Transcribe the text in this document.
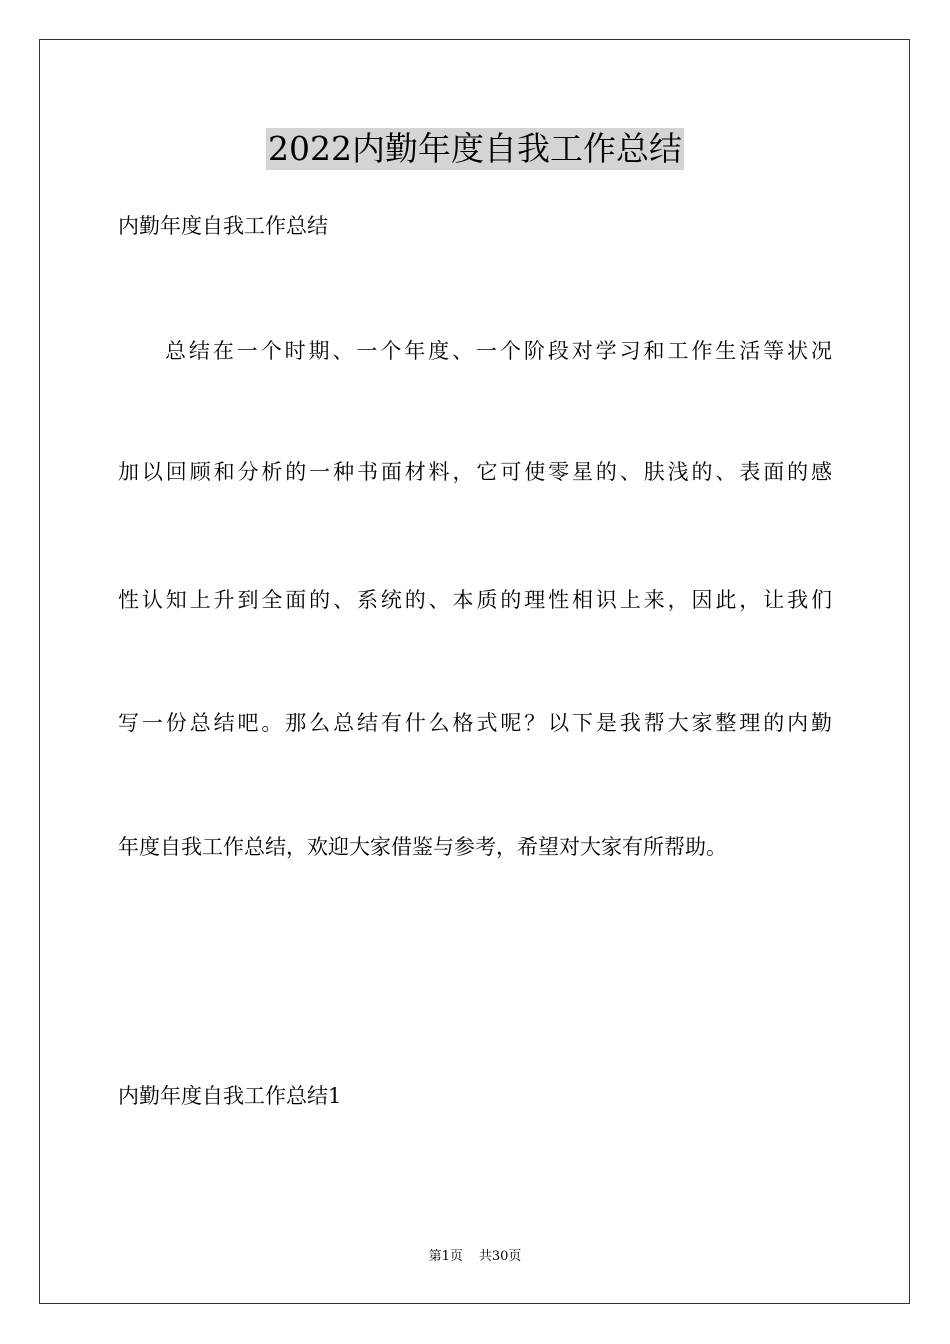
2022内勤年度自我工作总结
内勤年度自我工作总结
总结在一个时期、一个年度、一个阶段对学习和工作生活等状况
加以回顾和分析的一种书面材料，它可使零星的、肤浅的、表面的感
性认知上升到全面的、系统的、本质的理性相识上来，因此，让我们
写一份总结吧。那么总结有什么格式呢？以下是我帮大家整理的内勤
年度自我工作总结，欢迎大家借鉴与参考，希望对大家有所帮助。
内勤年度自我工作总结1
第1页 共30页
